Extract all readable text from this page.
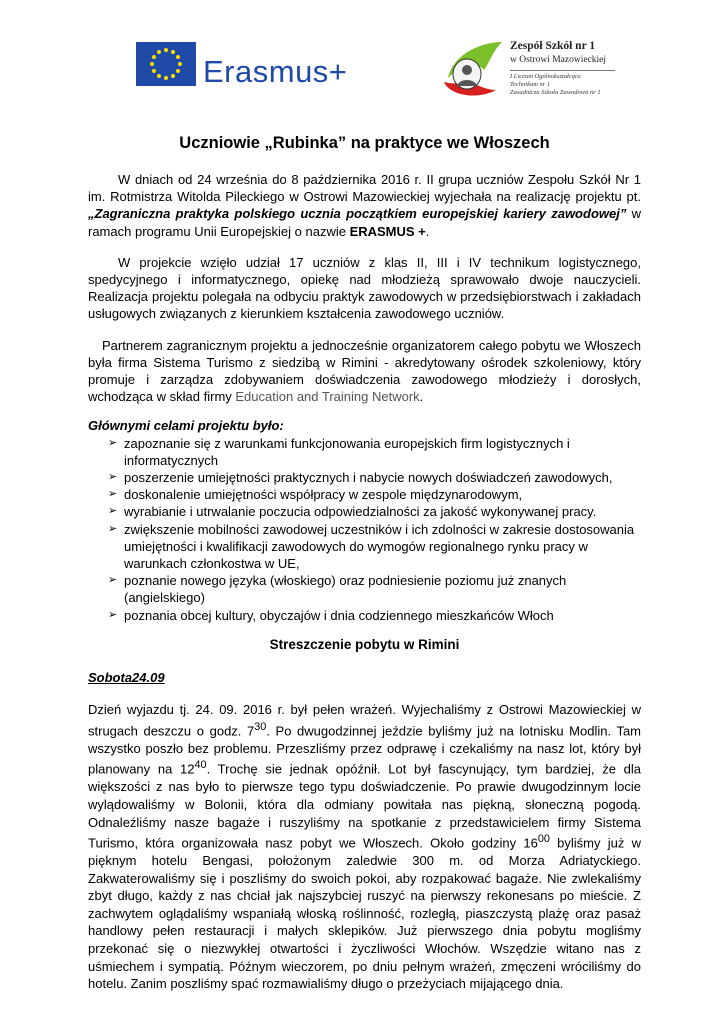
Erasmus+
Zespół Szkół nr 1
w Ostrowi Mazowieckiej
I Liceum Ogólnokształcące
Technikum nr 1
Zasadnicza Szkoła Zawodowa nr 1

Uczniowie „Rubinka” na praktyce we Włoszech

W dniach od 24 września do 8 października 2016 r. II grupa uczniów Zespołu Szkół Nr 1 im. Rotmistrza Witolda Pileckiego w Ostrowi Mazowieckiej wyjechała na realizację projektu pt. „Zagraniczna praktyka polskiego ucznia początkiem europejskiej kariery zawodowej” w ramach programu Unii Europejskiej o nazwie ERASMUS +.

W projekcie wzięło udział 17 uczniów z klas II, III i IV technikum logistycznego, spedycyjnego i informatycznego, opiekę nad młodzieżą sprawowało dwoje nauczycieli. Realizacja projektu polegała na odbyciu praktyk zawodowych w przedsiębiorstwach i zakładach usługowych związanych z kierunkiem kształcenia zawodowego uczniów.

Partnerem zagranicznym projektu a jednocześnie organizatorem całego pobytu we Włoszech była firma Sistema Turismo z siedzibą w Rimini - akredytowany ośrodek szkoleniowy, który promuje i zarządza zdobywaniem doświadczenia zawodowego młodzieży i dorosłych, wchodząca w skład firmy Education and Training Network.

Głównymi celami projektu było:

➢ zapoznanie się z warunkami funkcjonowania europejskich firm logistycznych i informatycznych
➢ poszerzenie umiejętności praktycznych i nabycie nowych doświadczeń zawodowych,
➢ doskonalenie umiejętności współpracy w zespole międzynarodowym,
➢ wyrabianie i utrwalanie poczucia odpowiedzialności za jakość wykonywanej pracy.
➢ zwiększenie mobilności zawodowej uczestników i ich zdolności w zakresie dostosowania umiejętności i kwalifikacji zawodowych do wymogów regionalnego rynku pracy w warunkach członkostwa w UE,
➢ poznanie nowego języka (włoskiego) oraz podniesienie poziomu już znanych (angielskiego)
➢ poznania obcej kultury, obyczajów i dnia codziennego mieszkańców Włoch

Streszczenie pobytu w Rimini

Sobota24.09

Dzień wyjazdu tj. 24. 09. 2016 r. był pełen wrażeń. Wyjechaliśmy z Ostrowi Mazowieckiej w strugach deszczu o godz. $7^{30}$. Po dwugodzinnej jeździe byliśmy już na lotnisku Modlin. Tam wszystko poszło bez problemu. Przeszliśmy przez odprawę i czekaliśmy na nasz lot, który był planowany na $12^{40}$. Trochę sie jednak opóźnił. Lot był fascynujący, tym bardziej, że dla większości z nas było to pierwsze tego typu doświadczenie. Po prawie dwugodzinnym locie wylądowaliśmy w Bolonii, która dla odmiany powitała nas piękną, słoneczną pogodą. Odnaleźliśmy nasze bagaże i ruszyliśmy na spotkanie z przedstawicielem firmy Sistema Turismo, która organizowała nasz pobyt we Włoszech. Około godziny $16^{00}$ byliśmy już w pięknym hotelu Bengasi, położonym zaledwie 300 m. od Morza Adriatyckiego. Zakwaterowaliśmy się i poszliśmy do swoich pokoi, aby rozpakować bagaże. Nie zwlekaliśmy zbyt długo, każdy z nas chciał jak najszybciej ruszyć na pierwszy rekonesans po mieście. Z zachwytem oglądaliśmy wspaniałą włoską roślinność, rozległą, piaszczystą plażę oraz pasaż handlowy pełen restauracji i małych sklepików. Już pierwszego dnia pobytu mogliśmy przekonać się o niezwykłej otwartości i życzliwości Włochów. Wszędzie witano nas z uśmiechem i sympatią. Późnym wieczorem, po dniu pełnym wrażeń, zmęczeni wróciliśmy do hotelu. Zanim poszliśmy spać rozmawialiśmy długo o przeżyciach mijającego dnia.
